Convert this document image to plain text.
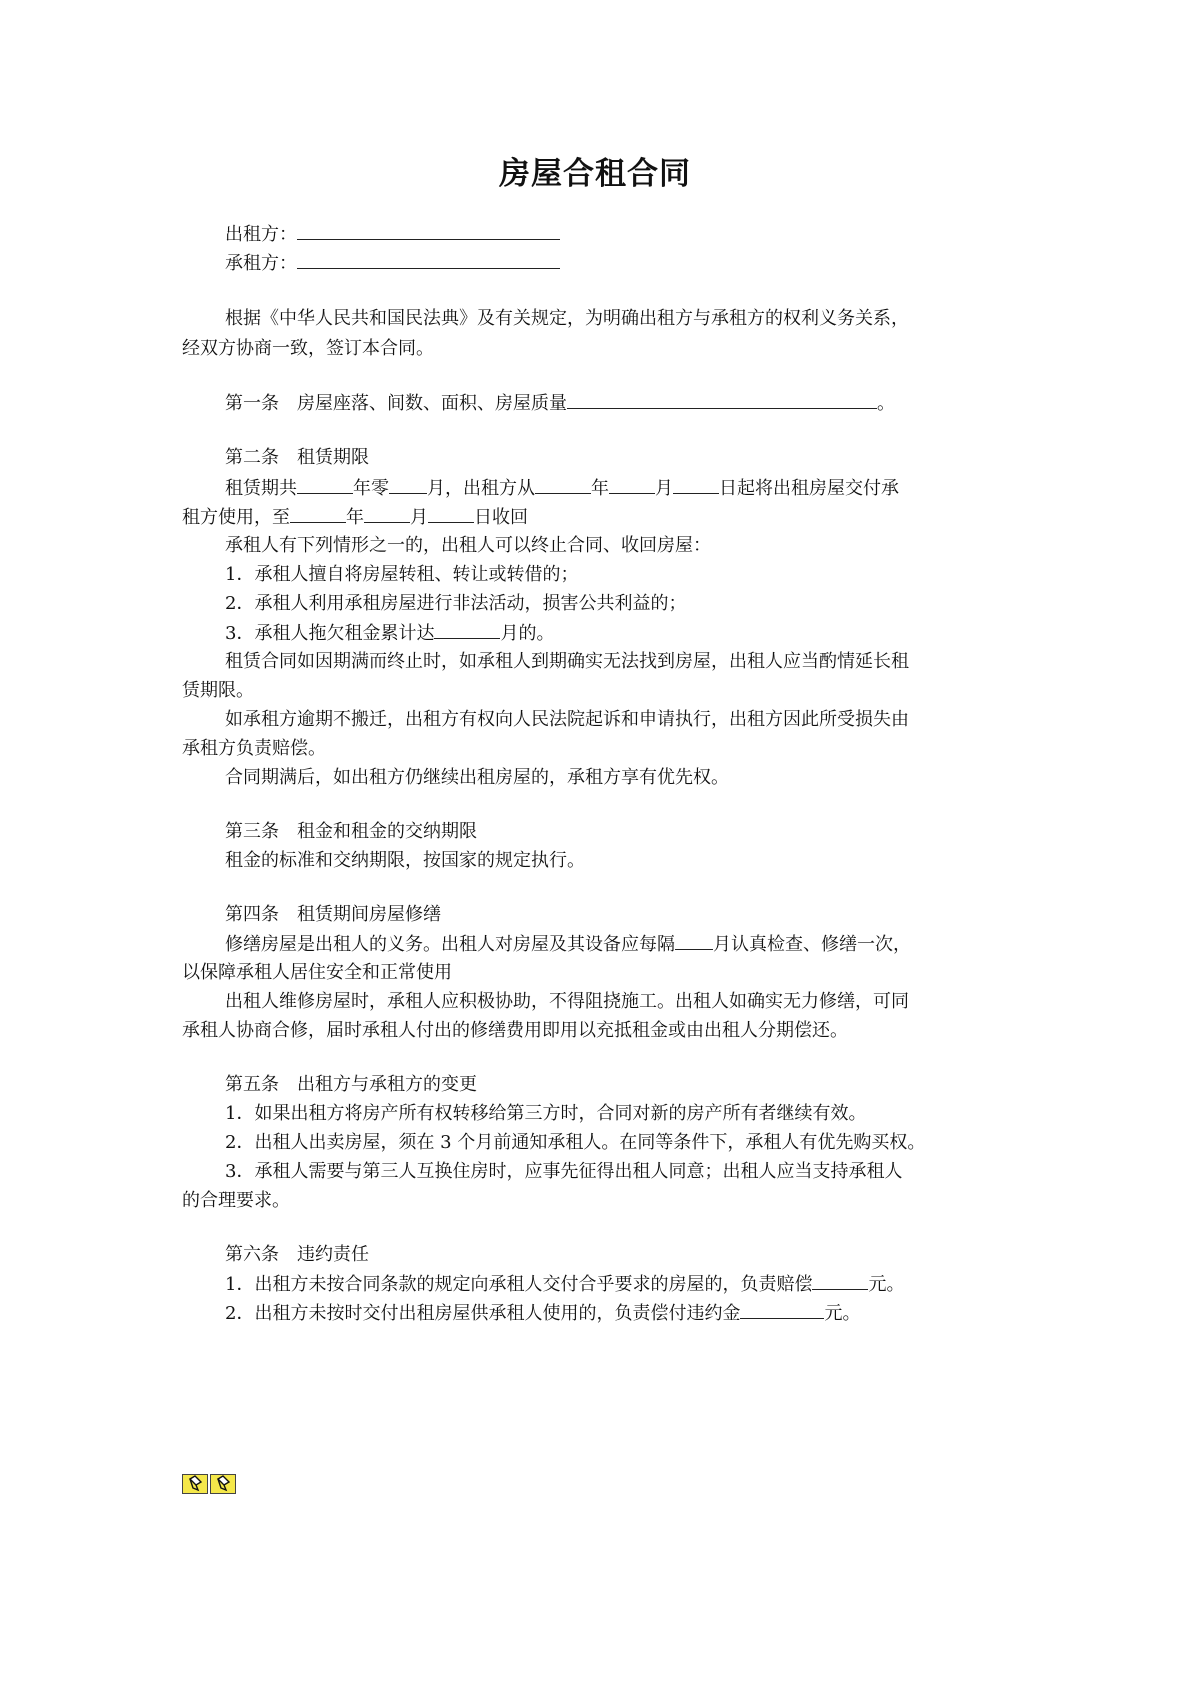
房屋合租合同
出租方：
承租方：
根据《中华人民共和国民法典》及有关规定，为明确出租方与承租方的权利义务关系，
经双方协商一致，签订本合同。
第一条　房屋座落、间数、面积、房屋质量	。
第二条　租赁期限
租赁期共	年零 月，出租方从	年	月	日起将出租房屋交付承
租方使用，至	年	月	日收回
承租人有下列情形之一的，出租人可以终止合同、收回房屋：
1．承租人擅自将房屋转租、转让或转借的；
2．承租人利用承租房屋进行非法活动，损害公共利益的；
3．承租人拖欠租金累计达	月的。
租赁合同如因期满而终止时，如承租人到期确实无法找到房屋，出租人应当酌情延长租
赁期限。
如承租方逾期不搬迁，出租方有权向人民法院起诉和申请执行，出租方因此所受损失由
承租方负责赔偿。
合同期满后，如出租方仍继续出租房屋的，承租方享有优先权。
第三条　租金和租金的交纳期限
租金的标准和交纳期限，按国家的规定执行。
第四条　租赁期间房屋修缮
修缮房屋是出租人的义务。出租人对房屋及其设备应每隔 月认真检查、修缮一次，
以保障承租人居住安全和正常使用
出租人维修房屋时，承租人应积极协助，不得阻挠施工。出租人如确实无力修缮，可同
承租人协商合修，届时承租人付出的修缮费用即用以充抵租金或由出租人分期偿还。
第五条　出租方与承租方的变更
1．如果出租方将房产所有权转移给第三方时，合同对新的房产所有者继续有效。
2．出租人出卖房屋，须在 3 个月前通知承租人。在同等条件下，承租人有优先购买权。
3．承租人需要与第三人互换住房时，应事先征得出租人同意；出租人应当支持承租人
的合理要求。
第六条　违约责任
1．出租方未按合同条款的规定向承租人交付合乎要求的房屋的，负责赔偿	元。
2．出租方未按时交付出租房屋供承租人使用的，负责偿付违约金	元。
